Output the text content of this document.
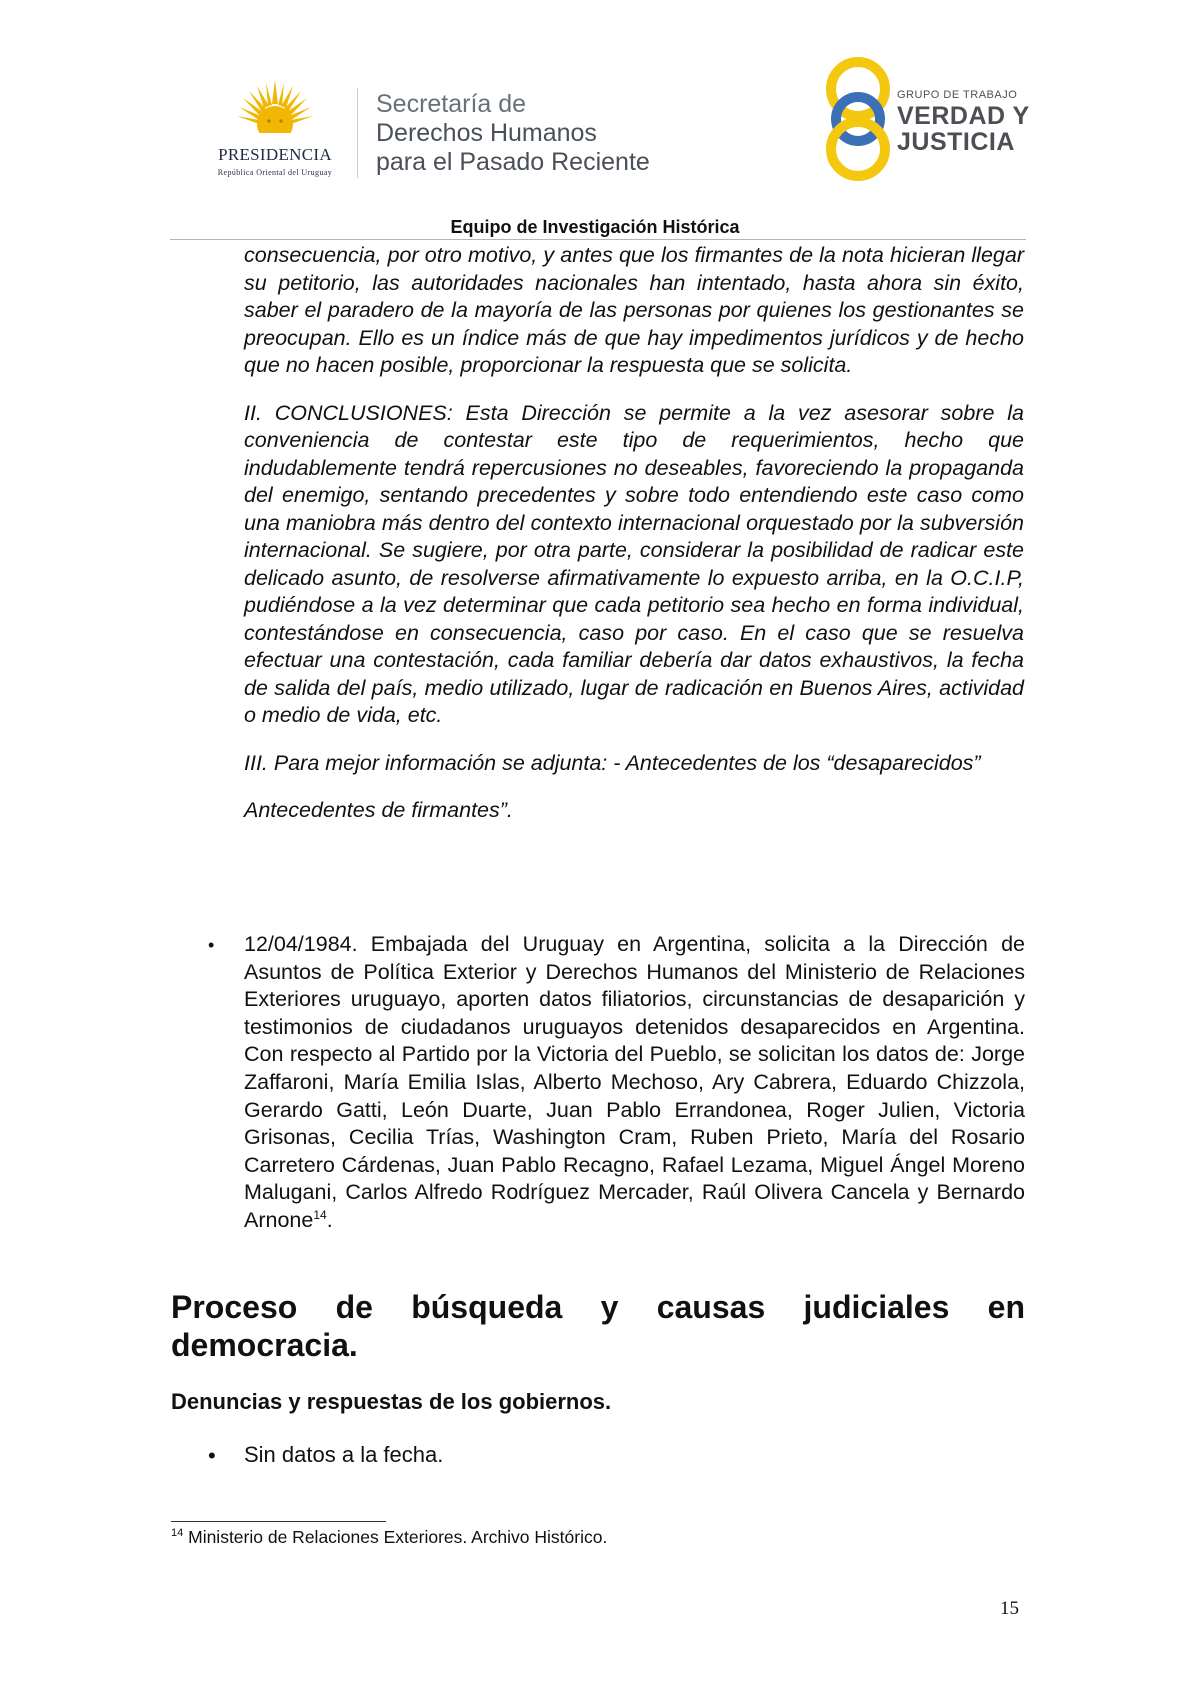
PRESIDENCIA
República Oriental del Uruguay
Secretaría de
Derechos Humanos
para el Pasado Reciente
GRUPO DE TRABAJO
VERDAD Y
JUSTICIA
Equipo de Investigación Histórica

consecuencia, por otro motivo, y antes que los firmantes de la nota hicieran llegar su petitorio, las autoridades nacionales han intentado, hasta ahora sin éxito, saber el paradero de la mayoría de las personas por quienes los gestionantes se preocupan. Ello es un índice más de que hay impedimentos jurídicos y de hecho que no hacen posible, proporcionar la respuesta que se solicita.

II. CONCLUSIONES: Esta Dirección se permite a la vez asesorar sobre la conveniencia de contestar este tipo de requerimientos, hecho que indudablemente tendrá repercusiones no deseables, favoreciendo la propaganda del enemigo, sentando precedentes y sobre todo entendiendo este caso como una maniobra más dentro del contexto internacional orquestado por la subversión internacional. Se sugiere, por otra parte, considerar la posibilidad de radicar este delicado asunto, de resolverse afirmativamente lo expuesto arriba, en la O.C.I.P, pudiéndose a la vez determinar que cada petitorio sea hecho en forma individual, contestándose en consecuencia, caso por caso. En el caso que se resuelva efectuar una contestación, cada familiar debería dar datos exhaustivos, la fecha de salida del país, medio utilizado, lugar de radicación en Buenos Aires, actividad o medio de vida, etc.

III. Para mejor información se adjunta: - Antecedentes de los “desaparecidos”

Antecedentes de firmantes”.

• 12/04/1984. Embajada del Uruguay en Argentina, solicita a la Dirección de Asuntos de Política Exterior y Derechos Humanos del Ministerio de Relaciones Exteriores uruguayo, aporten datos filiatorios, circunstancias de desaparición y testimonios de ciudadanos uruguayos detenidos desaparecidos en Argentina. Con respecto al Partido por la Victoria del Pueblo, se solicitan los datos de: Jorge Zaffaroni, María Emilia Islas, Alberto Mechoso, Ary Cabrera, Eduardo Chizzola, Gerardo Gatti, León Duarte, Juan Pablo Errandonea, Roger Julien, Victoria Grisonas, Cecilia Trías, Washington Cram, Ruben Prieto, María del Rosario Carretero Cárdenas, Juan Pablo Recagno, Rafael Lezama, Miguel Ángel Moreno Malugani, Carlos Alfredo Rodríguez Mercader, Raúl Olivera Cancela y Bernardo Arnone$^{14}$.
Proceso de búsqueda y causas judiciales en democracia.
Denuncias y respuestas de los gobiernos.
• Sin datos a la fecha.
$^{14}$ Ministerio de Relaciones Exteriores. Archivo Histórico.
15
